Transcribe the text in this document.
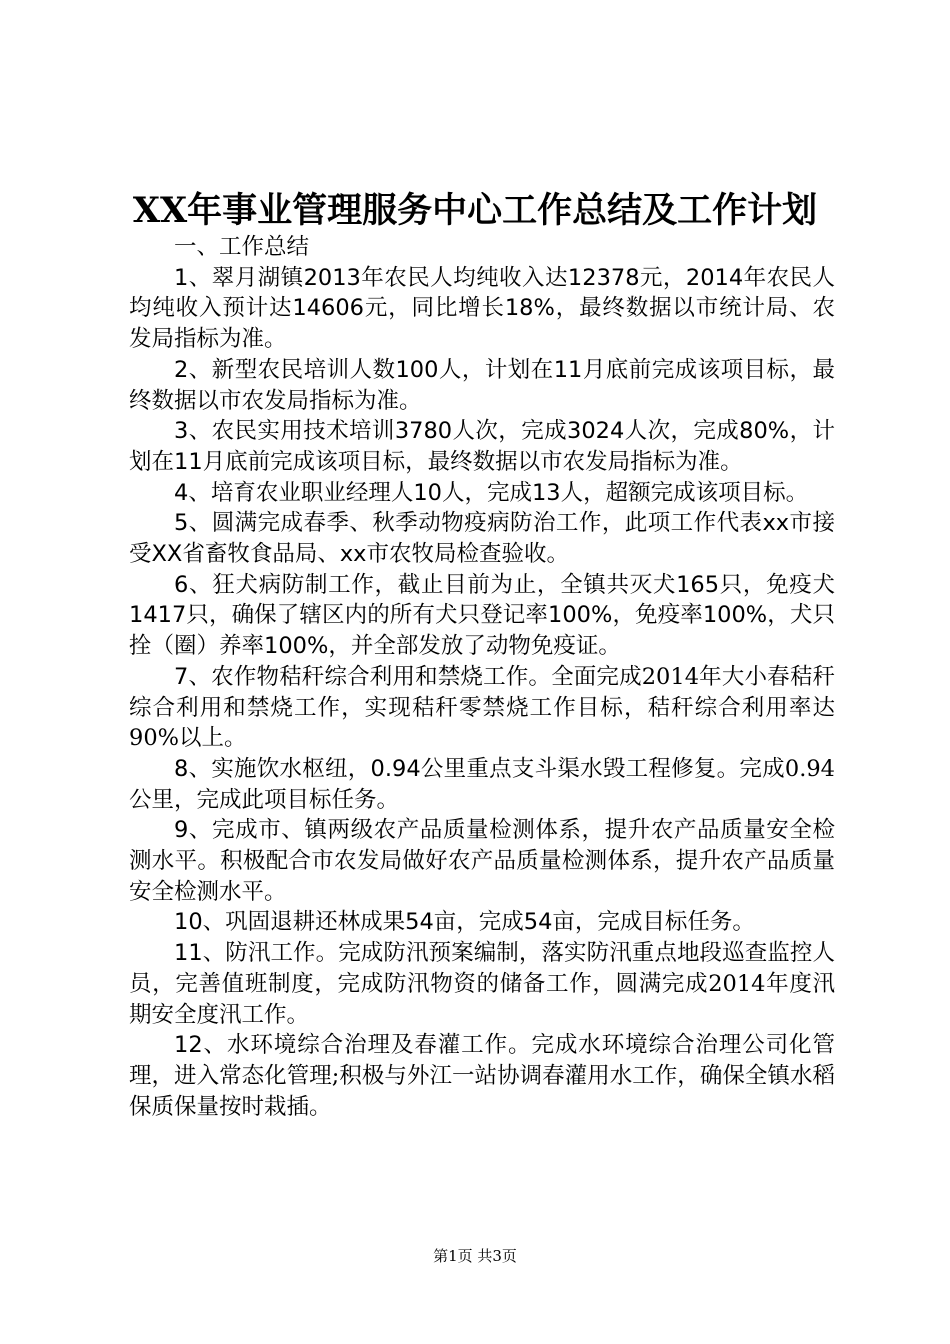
XX年事业管理服务中心工作总结及工作计划

一、工作总结

1、翠月湖镇2013年农民人均纯收入达12378元，2014年农民人均纯收入预计达14606元，同比增长18%，最终数据以市统计局、农发局指标为准。

2、新型农民培训人数100人，计划在11月底前完成该项目标，最终数据以市农发局指标为准。

3、农民实用技术培训3780人次，完成3024人次，完成80%，计划在11月底前完成该项目标，最终数据以市农发局指标为准。

4、培育农业职业经理人10人，完成13人，超额完成该项目标。

5、圆满完成春季、秋季动物疫病防治工作，此项工作代表xx市接受XX省畜牧食品局、xx市农牧局检查验收。

6、狂犬病防制工作，截止目前为止，全镇共灭犬165只，免疫犬1417只，确保了辖区内的所有犬只登记率100%，免疫率100%，犬只拴（圈）养率100%，并全部发放了动物免疫证。

7、农作物秸秆综合利用和禁烧工作。全面完成2014年大小春秸秆综合利用和禁烧工作，实现秸秆零禁烧工作目标，秸秆综合利用率达90%以上。

8、实施饮水枢纽，0.94公里重点支斗渠水毁工程修复。完成0.94公里，完成此项目标任务。

9、完成市、镇两级农产品质量检测体系，提升农产品质量安全检测水平。积极配合市农发局做好农产品质量检测体系，提升农产品质量安全检测水平。

10、巩固退耕还林成果54亩，完成54亩，完成目标任务。

11、防汛工作。完成防汛预案编制，落实防汛重点地段巡查监控人员，完善值班制度，完成防汛物资的储备工作，圆满完成2014年度汛期安全度汛工作。

12、水环境综合治理及春灌工作。完成水环境综合治理公司化管理，进入常态化管理;积极与外江一站协调春灌用水工作，确保全镇水稻保质保量按时栽插。

第1页 共3页
